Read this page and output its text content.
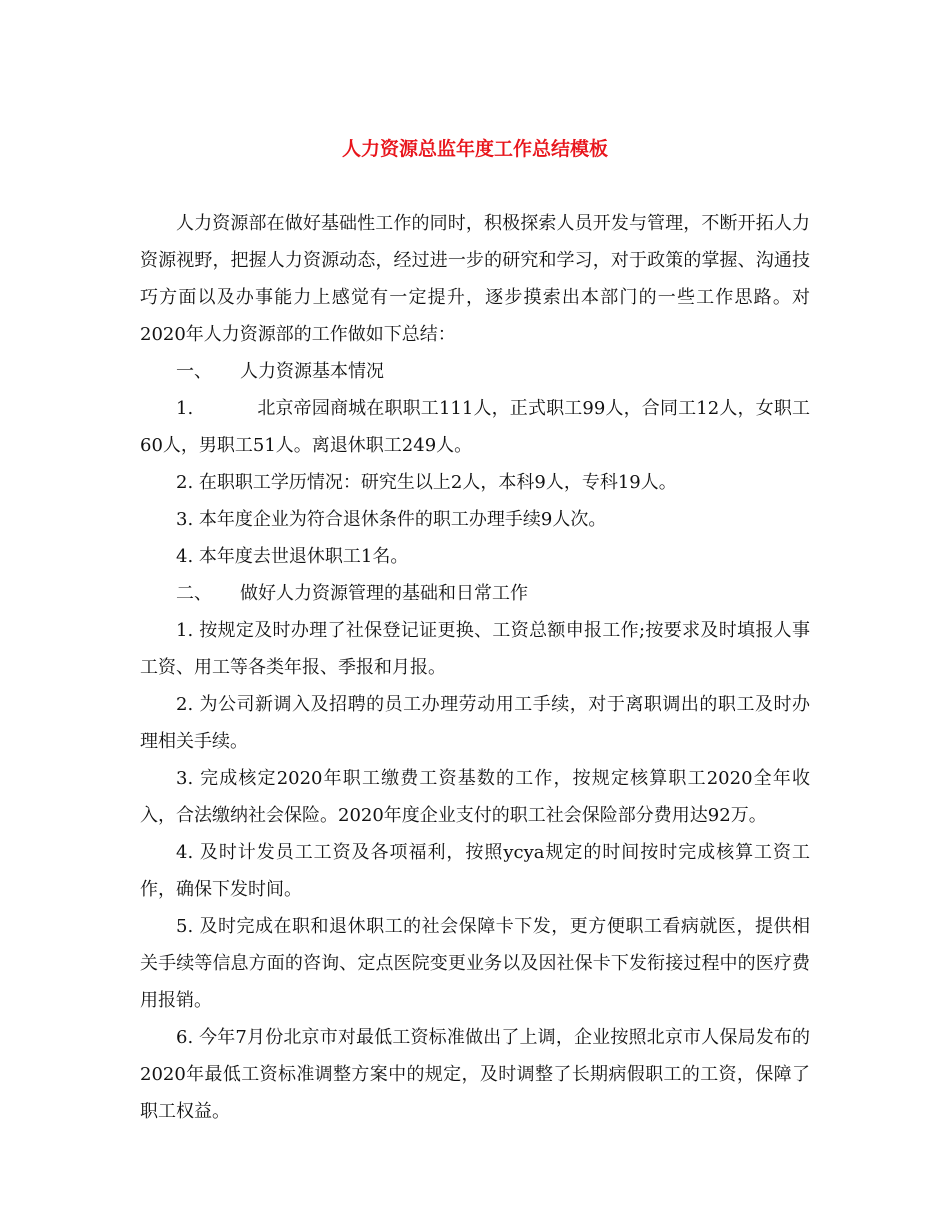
人力资源总监年度工作总结模板

人力资源部在做好基础性工作的同时，积极探索人员开发与管理，不断开拓人力资源视野，把握人力资源动态，经过进一步的研究和学习，对于政策的掌握、沟通技巧方面以及办事能力上感觉有一定提升，逐步摸索出本部门的一些工作思路。对2020年人力资源部的工作做如下总结：

一、 人力资源基本情况

1.	北京帝园商城在职职工111人，正式职工99人，合同工12人，女职工60人，男职工51人。离退休职工249人。

2. 在职职工学历情况：研究生以上2人，本科9人，专科19人。

3. 本年度企业为符合退休条件的职工办理手续9人次。

4. 本年度去世退休职工1名。

二、 做好人力资源管理的基础和日常工作

1. 按规定及时办理了社保登记证更换、工资总额申报工作;按要求及时填报人事工资、用工等各类年报、季报和月报。

2. 为公司新调入及招聘的员工办理劳动用工手续，对于离职调出的职工及时办理相关手续。

3. 完成核定2020年职工缴费工资基数的工作，按规定核算职工2020全年收入，合法缴纳社会保险。2020年度企业支付的职工社会保险部分费用达92万。

4. 及时计发员工工资及各项福利，按照ycya规定的时间按时完成核算工资工作，确保下发时间。

5. 及时完成在职和退休职工的社会保障卡下发，更方便职工看病就医，提供相关手续等信息方面的咨询、定点医院变更业务以及因社保卡下发衔接过程中的医疗费用报销。

6. 今年7月份北京市对最低工资标准做出了上调，企业按照北京市人保局发布的2020年最低工资标准调整方案中的规定，及时调整了长期病假职工的工资，保障了职工权益。
